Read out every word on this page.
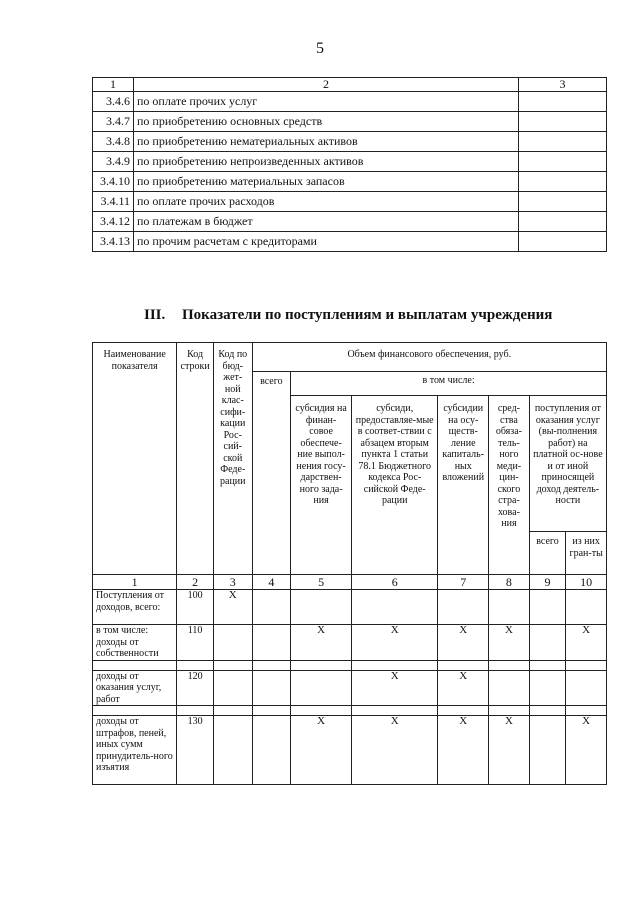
5
1	2	3
3.4.6	по оплате прочих услуг	
3.4.7	по приобретению основных средств	
3.4.8	по приобретению нематериальных активов	
3.4.9	по приобретению непроизведенных активов	
3.4.10	по приобретению материальных запасов	
3.4.11	по оплате прочих расходов	
3.4.12	по платежам в бюджет	
3.4.13	по прочим расчетам с кредиторами	
III. Показатели по поступлениям и выплатам учреждения
Наименование показателя	Код строки	Код по бюд-жет-ной клас-сифи-кации Рос-сий-ской Феде-рации	Объем финансового обеспечения, руб.						
			всего	в том числе:					
				субсидия на финан-совое обеспече-ние выпол-нения госу-дарствен-ного зада-ния	субсиди, предоставляе-мые в соответ-ствии с абзацем вторым пункта 1 статьи 78.1 Бюджетного кодекса Рос-сийской Феде-рации	субсидии на осу-ществ-ление капиталь-ных вложений	сред-ства обяза-тель-ного меди-цин-ского стра-хова-ния	поступления от оказания услуг (вы-полнения работ) на платной ос-нове и от иной приносящей доход деятель-ности	
								всего	из них гран-ты
1	2	3	4	5	6	7	8	9	10
Поступления от доходов, всего:	100	X							
в том числе: доходы от собственности	110			X	X	X	X		X

доходы от оказания услуг, работ	120				X	X			

доходы от штрафов, пеней, иных сумм принудитель-ного изъятия	130			X	X	X	X		X
